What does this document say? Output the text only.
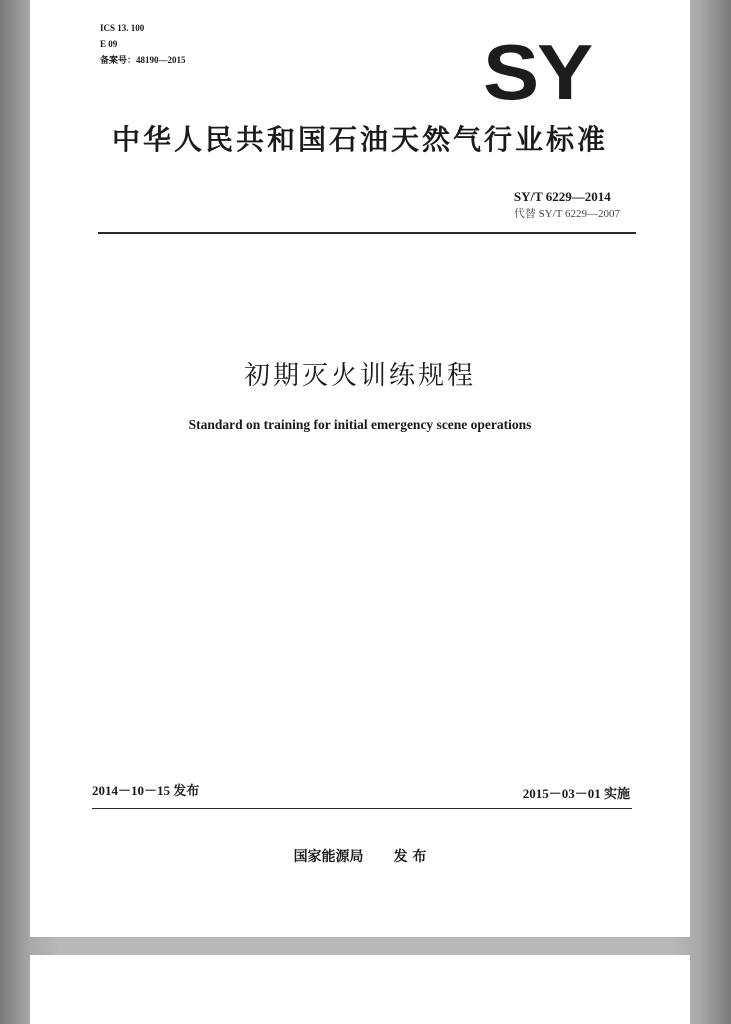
ICS 13. 100
E 09
备案号：48190—2015	SY
中华人民共和国石油天然气行业标准
SY/T 6229—2014
代替 SY/T 6229—2007
初期灭火训练规程
Standard on training for initial emergency scene operations
2014－10－15 发布	2015－03－01 实施
国家能源局 发 布
